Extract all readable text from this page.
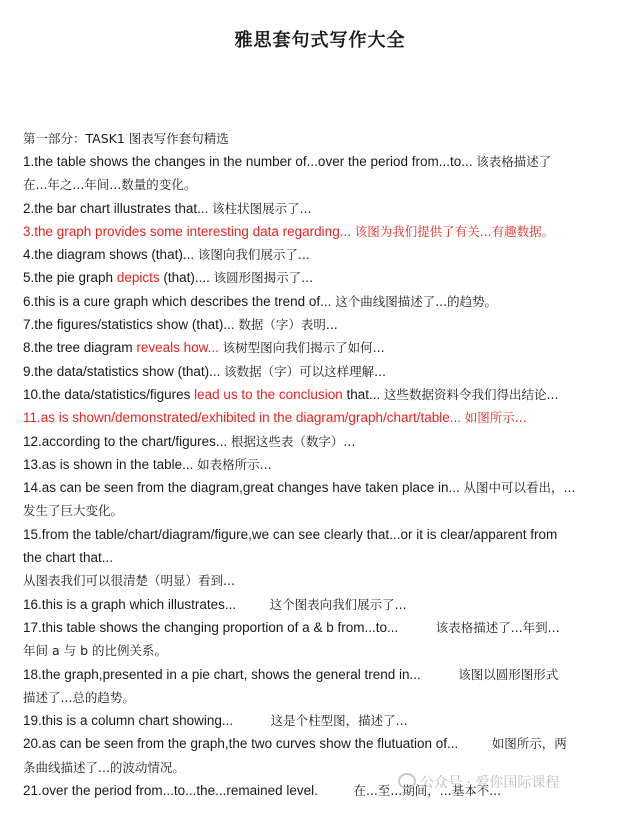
雅思套句式写作大全
第一部分：TASK1 图表写作套句精选
1.the table shows the changes in the number of...over the period from...to... 该表格描述了
在...年之...年间...数量的变化。
2.the bar chart illustrates that... 该柱状图展示了...
3.the graph provides some interesting data regarding... 该图为我们提供了有关...有趣数据。
4.the diagram shows (that)... 该图向我们展示了...
5.the pie graph depicts (that).... 该圆形图揭示了...
6.this is a cure graph which describes the trend of... 这个曲线图描述了...的趋势。
7.the figures/statistics show (that)... 数据（字）表明...
8.the tree diagram reveals how... 该树型图向我们揭示了如何...
9.the data/statistics show (that)... 该数据（字）可以这样理解...
10.the data/statistics/figures lead us to the conclusion that... 这些数据资料令我们得出结论...
11.as is shown/demonstrated/exhibited in the diagram/graph/chart/table... 如图所示...
12.according to the chart/figures... 根据这些表（数字）...
13.as is shown in the table... 如表格所示...
14.as can be seen from the diagram,great changes have taken place in... 从图中可以看出，...
发生了巨大变化。
15.from the table/chart/diagram/figure,we can see clearly that...or it is clear/apparent from
the chart that...
从图表我们可以很清楚（明显）看到...
16.this is a graph which illustrates...	这个图表向我们展示了...
17.this table shows the changing proportion of a & b from...to...	该表格描述了...年到...
年间 a 与 b 的比例关系。
18.the graph,presented in a pie chart, shows the general trend in...	该图以圆形图形式
描述了...总的趋势。
19.this is a column chart showing...	这是个柱型图，描述了...
20.as can be seen from the graph,the two curves show the flutuation of...	如图所示，两
条曲线描述了...的波动情况。
21.over the period from...to...the...remained level.	在...至...期间，...基本不...
公众号 · 爱你国际课程
